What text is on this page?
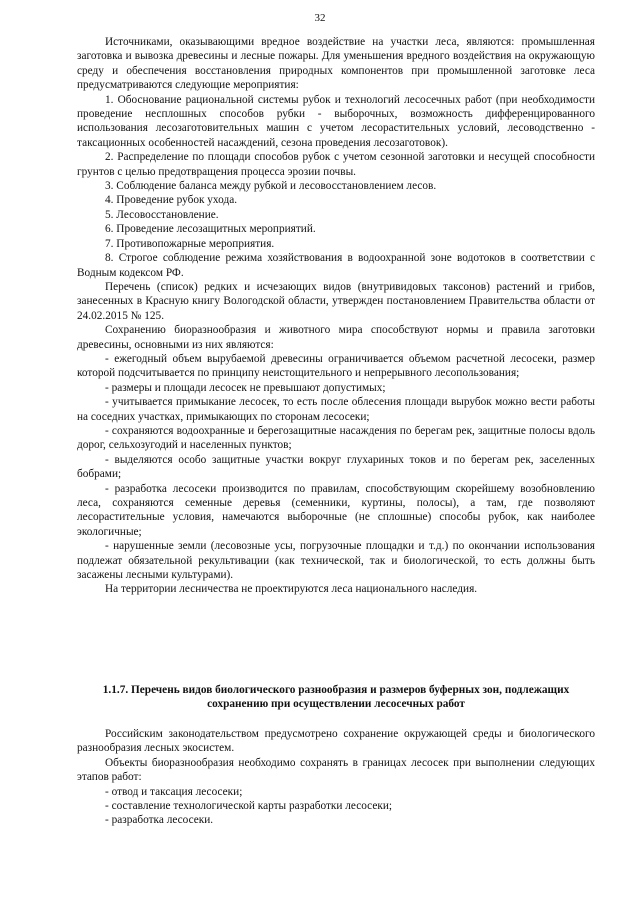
32

Источниками, оказывающими вредное воздействие на участки леса, являются: промышленная заготовка и вывозка древесины и лесные пожары. Для уменьшения вредного воздействия на окружающую среду и обеспечения восстановления природных компонентов при промышленной заготовке леса предусматриваются следующие мероприятия:

1. Обоснование рациональной системы рубок и технологий лесосечных работ (при необходимости проведение несплошных способов рубки - выборочных, возможность дифференцированного использования лесозаготовительных машин с учетом лесорастительных условий, лесоводственно - таксационных особенностей насаждений, сезона проведения лесозаготовок).

2. Распределение по площади способов рубок с учетом сезонной заготовки и несущей способности грунтов с целью предотвращения процесса эрозии почвы.

3. Соблюдение баланса между рубкой и лесовосстановлением лесов.

4. Проведение рубок ухода.

5. Лесовосстановление.

6. Проведение лесозащитных мероприятий.

7. Противопожарные мероприятия.

8. Строгое соблюдение режима хозяйствования в водоохранной зоне водотоков в соответствии с Водным кодексом РФ.

Перечень (список) редких и исчезающих видов (внутривидовых таксонов) растений и грибов, занесенных в Красную книгу Вологодской области, утвержден постановлением Правительства области от 24.02.2015 № 125.

Сохранению биоразнообразия и животного мира способствуют нормы и правила заготовки древесины, основными из них являются:

- ежегодный объем вырубаемой древесины ограничивается объемом расчетной лесосеки, размер которой подсчитывается по принципу неистощительного и непрерывного лесопользования;

- размеры и площади лесосек не превышают допустимых;

- учитывается примыкание лесосек, то есть после облесения площади вырубок можно вести работы на соседних участках, примыкающих по сторонам лесосеки;

- сохраняются водоохранные и берегозащитные насаждения по берегам рек, защитные полосы вдоль дорог, сельхозугодий и населенных пунктов;

- выделяются особо защитные участки вокруг глухариных токов и по берегам рек, заселенных бобрами;

- разработка лесосеки производится по правилам, способствующим скорейшему возобновлению леса, сохраняются семенные деревья (семенники, куртины, полосы), а там, где позволяют лесорастительные условия, намечаются выборочные (не сплошные) способы рубок, как наиболее экологичные;

- нарушенные земли (лесовозные усы, погрузочные площадки и т.д.) по окончании использования подлежат обязательной рекультивации (как технической, так и биологической, то есть должны быть засажены лесными культурами).

На территории лесничества не проектируются леса национального наследия.

1.1.7. Перечень видов биологического разнообразия и размеров буферных зон, подлежащих сохранению при осуществлении лесосечных работ

Российским законодательством предусмотрено сохранение окружающей среды и биологического разнообразия лесных экосистем.

Объекты биоразнообразия необходимо сохранять в границах лесосек при выполнении следующих этапов работ:

- отвод и таксация лесосеки;

- составление технологической карты разработки лесосеки;

- разработка лесосеки.
